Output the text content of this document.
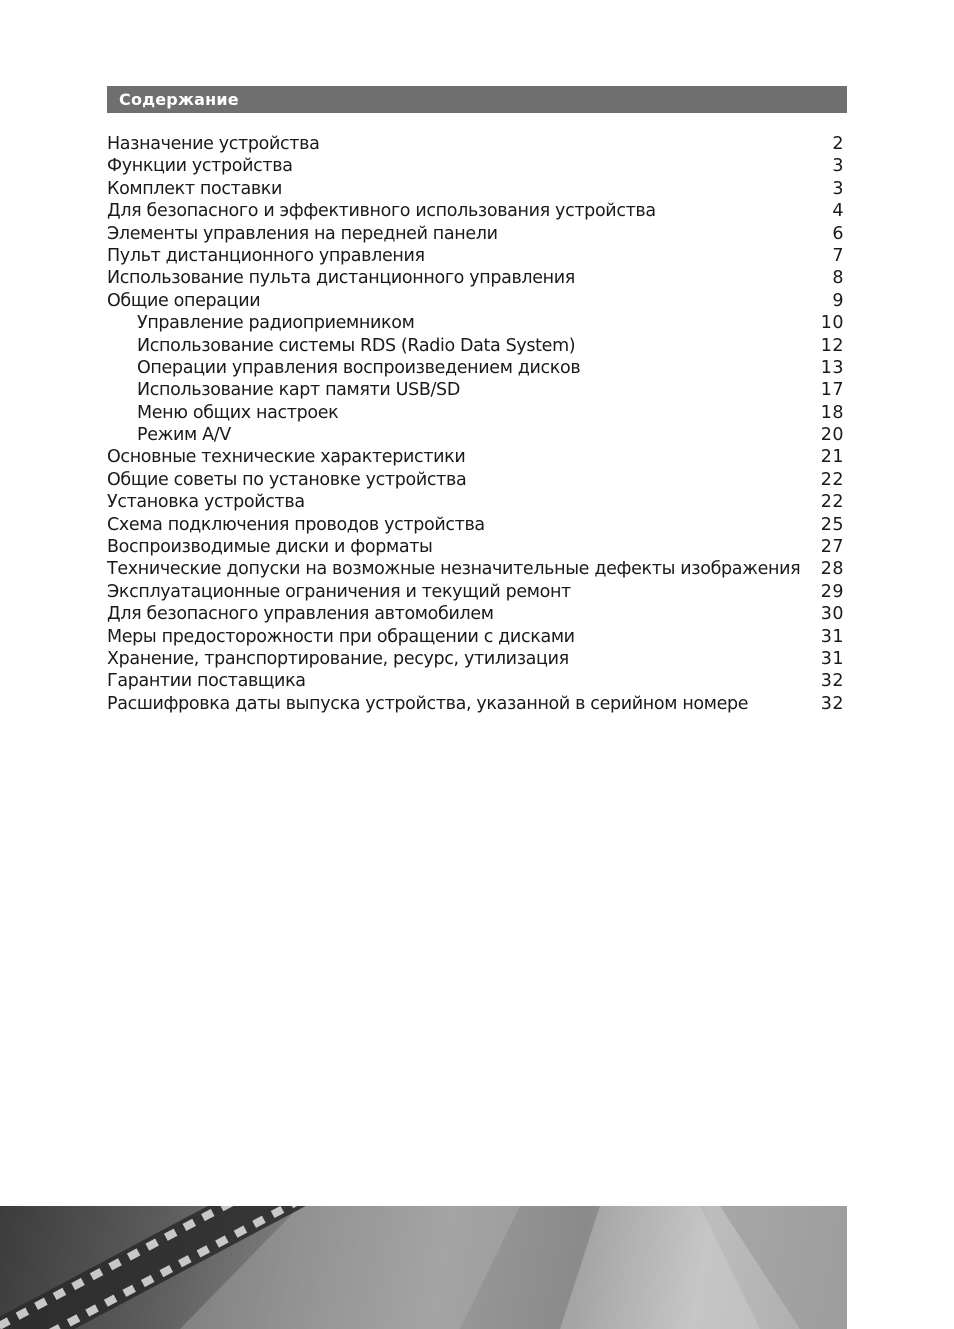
Содержание
Назначение устройства	2
Функции устройства	3
Комплект поставки	3
Для безопасного и эффективного использования устройства	4
Элементы управления на передней панели	6
Пульт дистанционного управления	7
Использование пульта дистанционного управления	8
Общие операции	9
Управление радиоприемником	10
Использование системы RDS (Radio Data System)	12
Операции управления воспроизведением дисков	13
Использование карт памяти USB/SD	17
Меню общих настроек	18
Режим A/V	20
Основные технические характеристики	21
Общие советы по установке устройства	22
Установка устройства	22
Схема подключения проводов устройства	25
Воспроизводимые диски и форматы	27
Технические допуски на возможные незначительные дефекты изображения	28
Эксплуатационные ограничения и текущий ремонт	29
Для безопасного управления автомобилем	30
Меры предосторожности при обращении с дисками	31
Хранение, транспортирование, ресурс, утилизация	31
Гарантии поставщика	32
Расшифровка даты выпуска устройства, указанной в серийном номере	32
